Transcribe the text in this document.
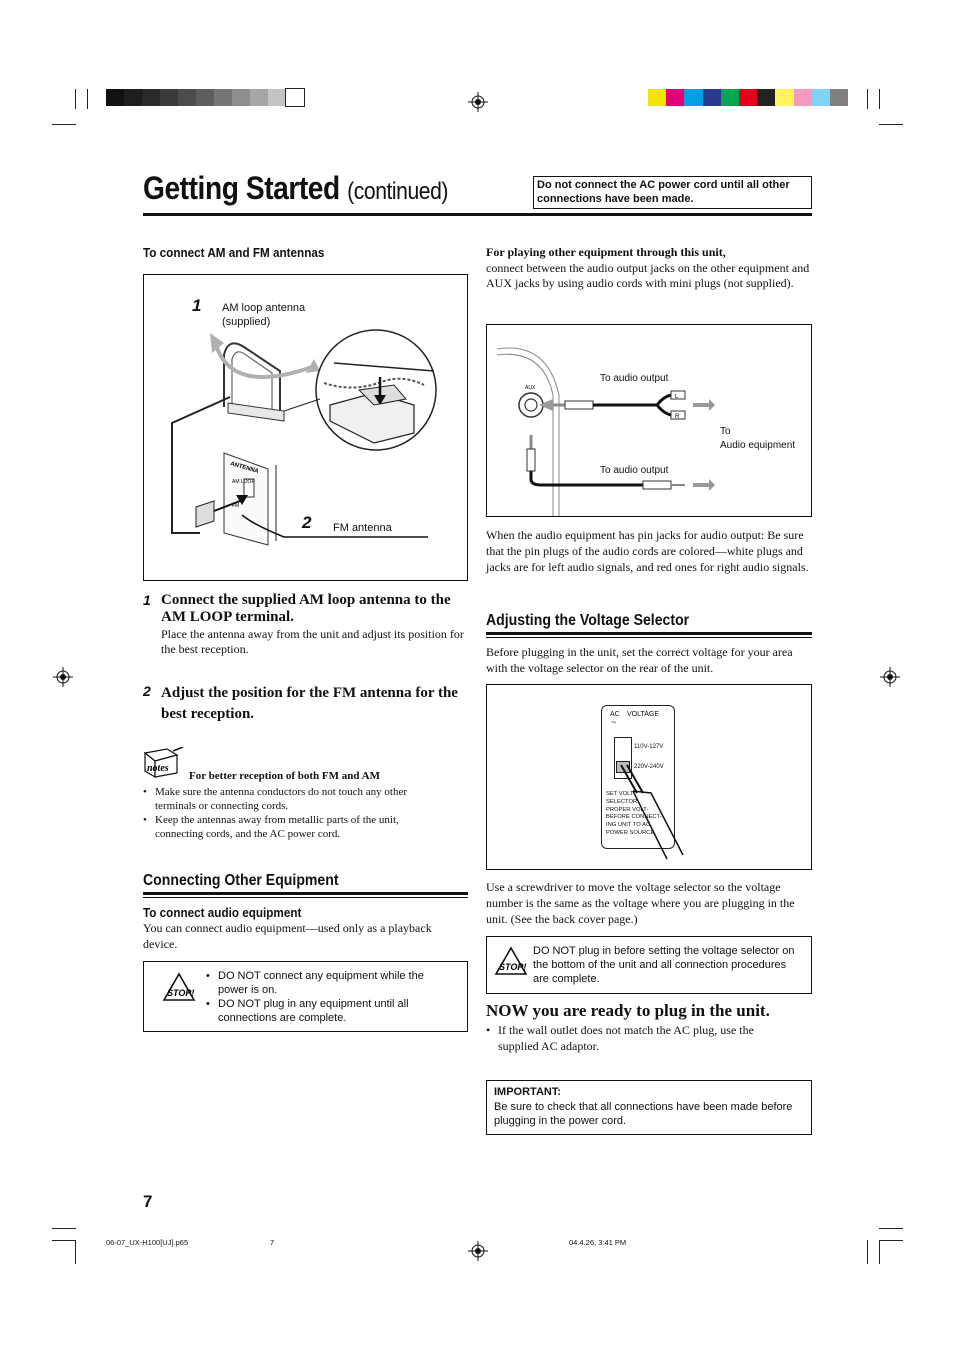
Getting Started (continued)	Do not connect the AC power cord until all other connections have been made.
To connect AM and FM antennas
ANTENNA
AM LOOP
FM
1 AM loop antenna
(supplied)
2 FM antenna
1 Connect the supplied AM loop antenna to the AM LOOP terminal.
Place the antenna away from the unit and adjust its position for the best reception.
2 Adjust the position for the FM antenna for the best reception.
notes
For better reception of both FM and AM
• Make sure the antenna conductors do not touch any other terminals or connecting cords.
• Keep the antennas away from metallic parts of the unit, connecting cords, and the AC power cord.
Connecting Other Equipment
To connect audio equipment
You can connect audio equipment—used only as a playback device.
STOP!
• DO NOT connect any equipment while the power is on.
• DO NOT plug in any equipment until all connections are complete.
For playing other equipment through this unit,
connect between the audio output jacks on the other equipment and AUX jacks by using audio cords with mini plugs (not supplied).
AUX
L
R
To audio output
To audio output
To
Audio equipment
When the audio equipment has pin jacks for audio output: Be sure that the pin plugs of the audio cords are colored—white plugs and jacks are for left audio signals, and red ones for right audio signals.
Adjusting the Voltage Selector
Before plugging in the unit, set the correct voltage for your area with the voltage selector on the rear of the unit.
AC VOLTAGE
~
110V-127V
220V-240V
SET VOLT-
SELECTOR
PROPER VOLT-
BEFORE CONNECT-
ING UNIT TO AC
POWER SOURCE.
Use a screwdriver to move the voltage selector so the voltage number is the same as the voltage where you are plugging in the unit. (See the back cover page.)
STOP!
DO NOT plug in before setting the voltage selector on the bottom of the unit and all connection procedures are complete.
NOW you are ready to plug in the unit.
• If the wall outlet does not match the AC plug, use the supplied AC adaptor.
IMPORTANT:
Be sure to check that all connections have been made before plugging in the power cord.
7
06-07_UX-H100[UJ].p65	7	04.4.26, 3:41 PM
